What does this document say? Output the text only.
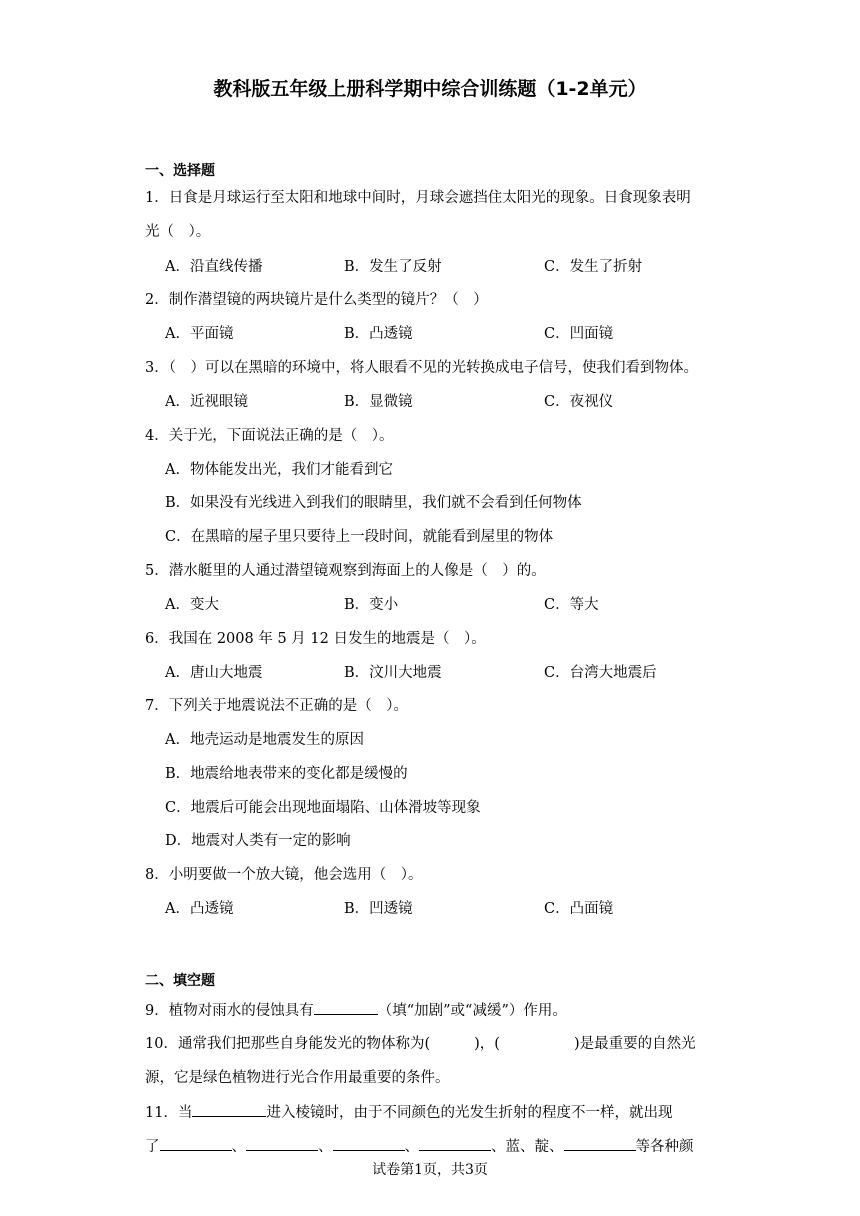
教科版五年级上册科学期中综合训练题（1-2单元）
一、选择题
1．日食是月球运行至太阳和地球中间时，月球会遮挡住太阳光的现象。日食现象表明
光（　）。
A．沿直线传播	B．发生了反射	C．发生了折射
2．制作潜望镜的两块镜片是什么类型的镜片？（　）
A．平面镜	B．凸透镜	C．凹面镜
3．（　）可以在黑暗的环境中，将人眼看不见的光转换成电子信号，使我们看到物体。
A．近视眼镜	B．显微镜	C．夜视仪
4．关于光，下面说法正确的是（　）。
A．物体能发出光，我们才能看到它
B．如果没有光线进入到我们的眼睛里，我们就不会看到任何物体
C．在黑暗的屋子里只要待上一段时间，就能看到屋里的物体
5．潜水艇里的人通过潜望镜观察到海面上的人像是（　）的。
A．变大	B．变小	C．等大
6．我国在 2008 年 5 月 12 日发生的地震是（　）。
A．唐山大地震	B．汶川大地震	C．台湾大地震后
7．下列关于地震说法不正确的是（　）。
A．地壳运动是地震发生的原因
B．地震给地表带来的变化都是缓慢的
C．地震后可能会出现地面塌陷、山体滑坡等现象
D．地震对人类有一定的影响
8．小明要做一个放大镜，他会选用（　）。
A．凸透镜	B．凹透镜	C．凸面镜
二、填空题
9．植物对雨水的侵蚀具有	（填“加剧”或“减缓”）作用。
10．通常我们把那些自身能发光的物体称为(	)，(	)是最重要的自然光
源，它是绿色植物进行光合作用最重要的条件。
11．当	进入棱镜时，由于不同颜色的光发生折射的程度不一样，就出现
了	、	、	、	、蓝、靛、	等各种颜
试卷第1页，共3页
